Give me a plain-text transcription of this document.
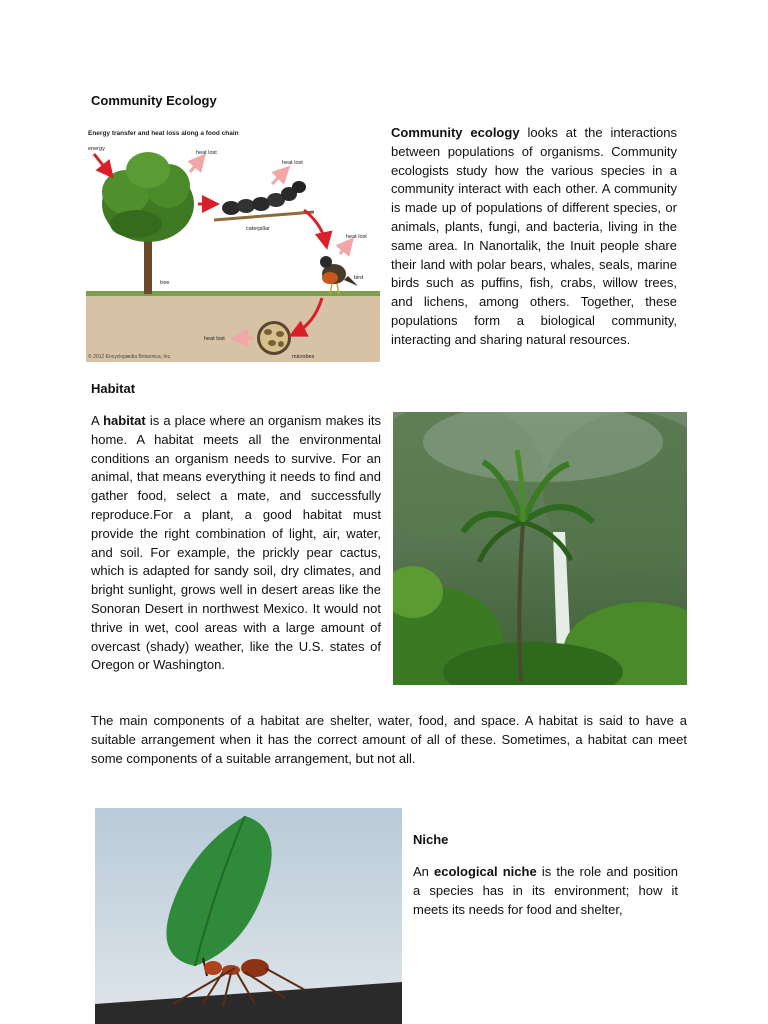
Community Ecology
Energy transfer and heat loss along a food chain
energy
heat lost
heat lost
caterpillar
heat lost
bird
tree
heat lost
microbes
© 2012 Encyclopædia Britannica, Inc.
Community ecology looks at the interactions between populations of organisms. Community ecologists study how the various species in a community interact with each other. A community is made up of populations of different species, or animals, plants, fungi, and bacteria, living in the same area. In Nanortalik, the Inuit people share their land with polar bears, whales, seals, marine birds such as puffins, fish, crabs, willow trees, and lichens, among others. Together, these populations form a biological community, interacting and sharing natural resources.
Habitat
A habitat is a place where an organism makes its home. A habitat meets all the environmental conditions an organism needs to survive. For an animal, that means everything it needs to find and gather food, select a mate, and successfully reproduce.For a plant, a good habitat must provide the right combination of light, air, water, and soil. For example, the prickly pear cactus, which is adapted for sandy soil, dry climates, and bright sunlight, grows well in desert areas like the Sonoran Desert in northwest Mexico. It would not thrive in wet, cool areas with a large amount of overcast (shady) weather, like the U.S. states of Oregon or Washington.
The main components of a habitat are shelter, water, food, and space. A habitat is said to have a suitable arrangement when it has the correct amount of all of these. Sometimes, a habitat can meet some components of a suitable arrangement, but not all.
Niche
An ecological niche is the role and position a species has in its environment; how it meets its needs for food and shelter,
